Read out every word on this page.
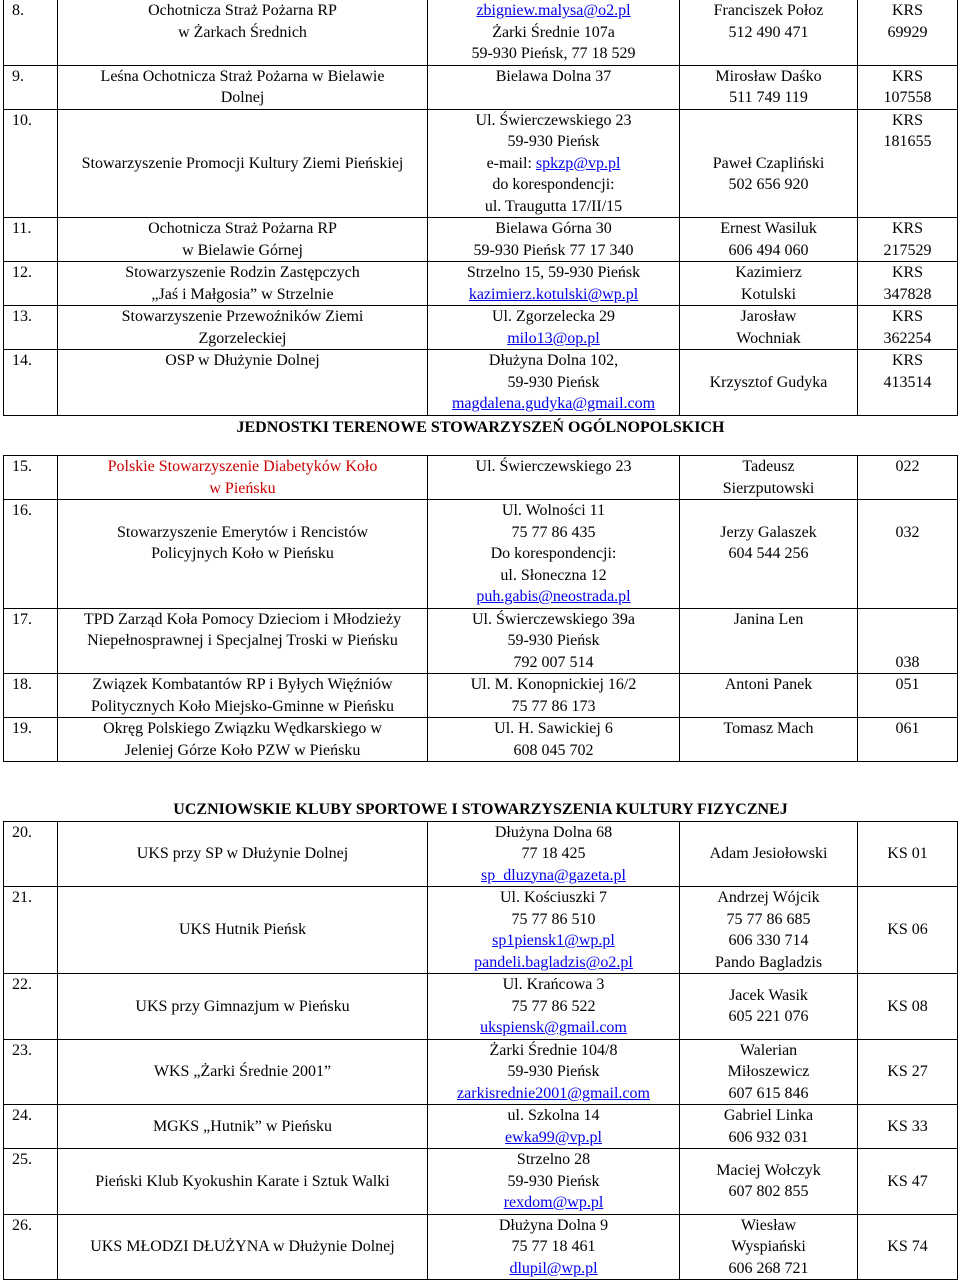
8.	Ochotnicza Straż Pożarna RP
w Żarkach Średnich	zbigniew.malysa@o2.pl
Żarki Średnie 107a
59-930 Pieńsk, 77 18 529	Franciszek Połoz
512 490 471	KRS
69929

9.	Leśna Ochotnicza Straż Pożarna w Bielawie
Dolnej	Bielawa Dolna 37	Mirosław Daśko
511 749 119	KRS
107558

10.	Stowarzyszenie Promocji Kultury Ziemi Pieńskiej	Ul. Świerczewskiego 23
59-930 Pieńsk
e-mail: spkzp@vp.pl
do korespondencji:
ul. Traugutta 17/II/15	Paweł Czapliński
502 656 920	KRS
181655

11.	Ochotnicza Straż Pożarna RP
w Bielawie Górnej	Bielawa Górna 30
59-930 Pieńsk 77 17 340	Ernest Wasiluk
606 494 060	KRS
217529

12.	Stowarzyszenie Rodzin Zastępczych
„Jaś i Małgosia” w Strzelnie	Strzelno 15, 59-930 Pieńsk
kazimierz.kotulski@wp.pl	Kazimierz
Kotulski	KRS
347828

13.	Stowarzyszenie Przewoźników Ziemi
Zgorzeleckiej	Ul. Zgorzelecka 29
milo13@op.pl	Jarosław
Wochniak	KRS
362254

14.	OSP w Dłużynie Dolnej	Dłużyna Dolna 102,
59-930 Pieńsk
magdalena.gudyka@gmail.com	Krzysztof Gudyka	KRS
413514

JEDNOSTKI TERENOWE STOWARZYSZEŃ OGÓLNOPOLSKICH				
15.	Polskie Stowarzyszenie Diabetyków Koło
w Pieńsku	Ul. Świerczewskiego 23	Tadeusz
Sierzputowski	022

16.	Stowarzyszenie Emerytów i Rencistów
Policyjnych Koło w Pieńsku	Ul. Wolności 11
75 77 86 435
Do korespondencji:
ul. Słoneczna 12
puh.gabis@neostrada.pl	Jerzy Galaszek
604 544 256	032

17.	TPD Zarząd Koła Pomocy Dzieciom i Młodzieży
Niepełnosprawnej i Specjalnej Troski w Pieńsku	Ul. Świerczewskiego 39a
59-930 Pieńsk
792 007 514	Janina Len	038

18.	Związek Kombatantów RP i Byłych Więźniów
Politycznych Koło Miejsko-Gminne w Pieńsku	Ul. M. Konopnickiej 16/2
75 77 86 173	Antoni Panek	051

19.	Okręg Polskiego Związku Wędkarskiego w
Jeleniej Górze Koło PZW w Pieńsku	Ul. H. Sawickiej 6
608 045 702	Tomasz Mach	061
UCZNIOWSKIE KLUBY SPORTOWE I STOWARZYSZENIA KULTURY FIZYCZNEJ				
20.	UKS przy SP w Dłużynie Dolnej	Dłużyna Dolna 68
77 18 425
sp_dluzyna@gazeta.pl	Adam Jesiołowski	KS 01

21.	UKS Hutnik Pieńsk	Ul. Kościuszki 7
75 77 86 510
sp1piensk1@wp.pl
pandeli.bagladzis@o2.pl	Andrzej Wójcik
75 77 86 685
606 330 714
Pando Bagladzis	KS 06

22.	UKS przy Gimnazjum w Pieńsku	Ul. Krańcowa 3
75 77 86 522
ukspiensk@gmail.com	Jacek Wasik
605 221 076	KS 08

23.	WKS „Żarki Średnie 2001”	Żarki Średnie 104/8
59-930 Pieńsk
zarkisrednie2001@gmail.com	Walerian
Miłoszewicz
607 615 846	KS 27

24.	MGKS „Hutnik” w Pieńsku	ul. Szkolna 14
ewka99@vp.pl	Gabriel Linka
606 932 031	KS 33

25.	Pieński Klub Kyokushin Karate i Sztuk Walki	Strzelno 28
59-930 Pieńsk
rexdom@wp.pl	Maciej Wołczyk
607 802 855	KS 47

26.	UKS MŁODZI DŁUŻYNA w Dłużynie Dolnej	Dłużyna Dolna 9
75 77 18 461
dlupil@wp.pl	Wiesław
Wyspiański
606 268 721	KS 74
